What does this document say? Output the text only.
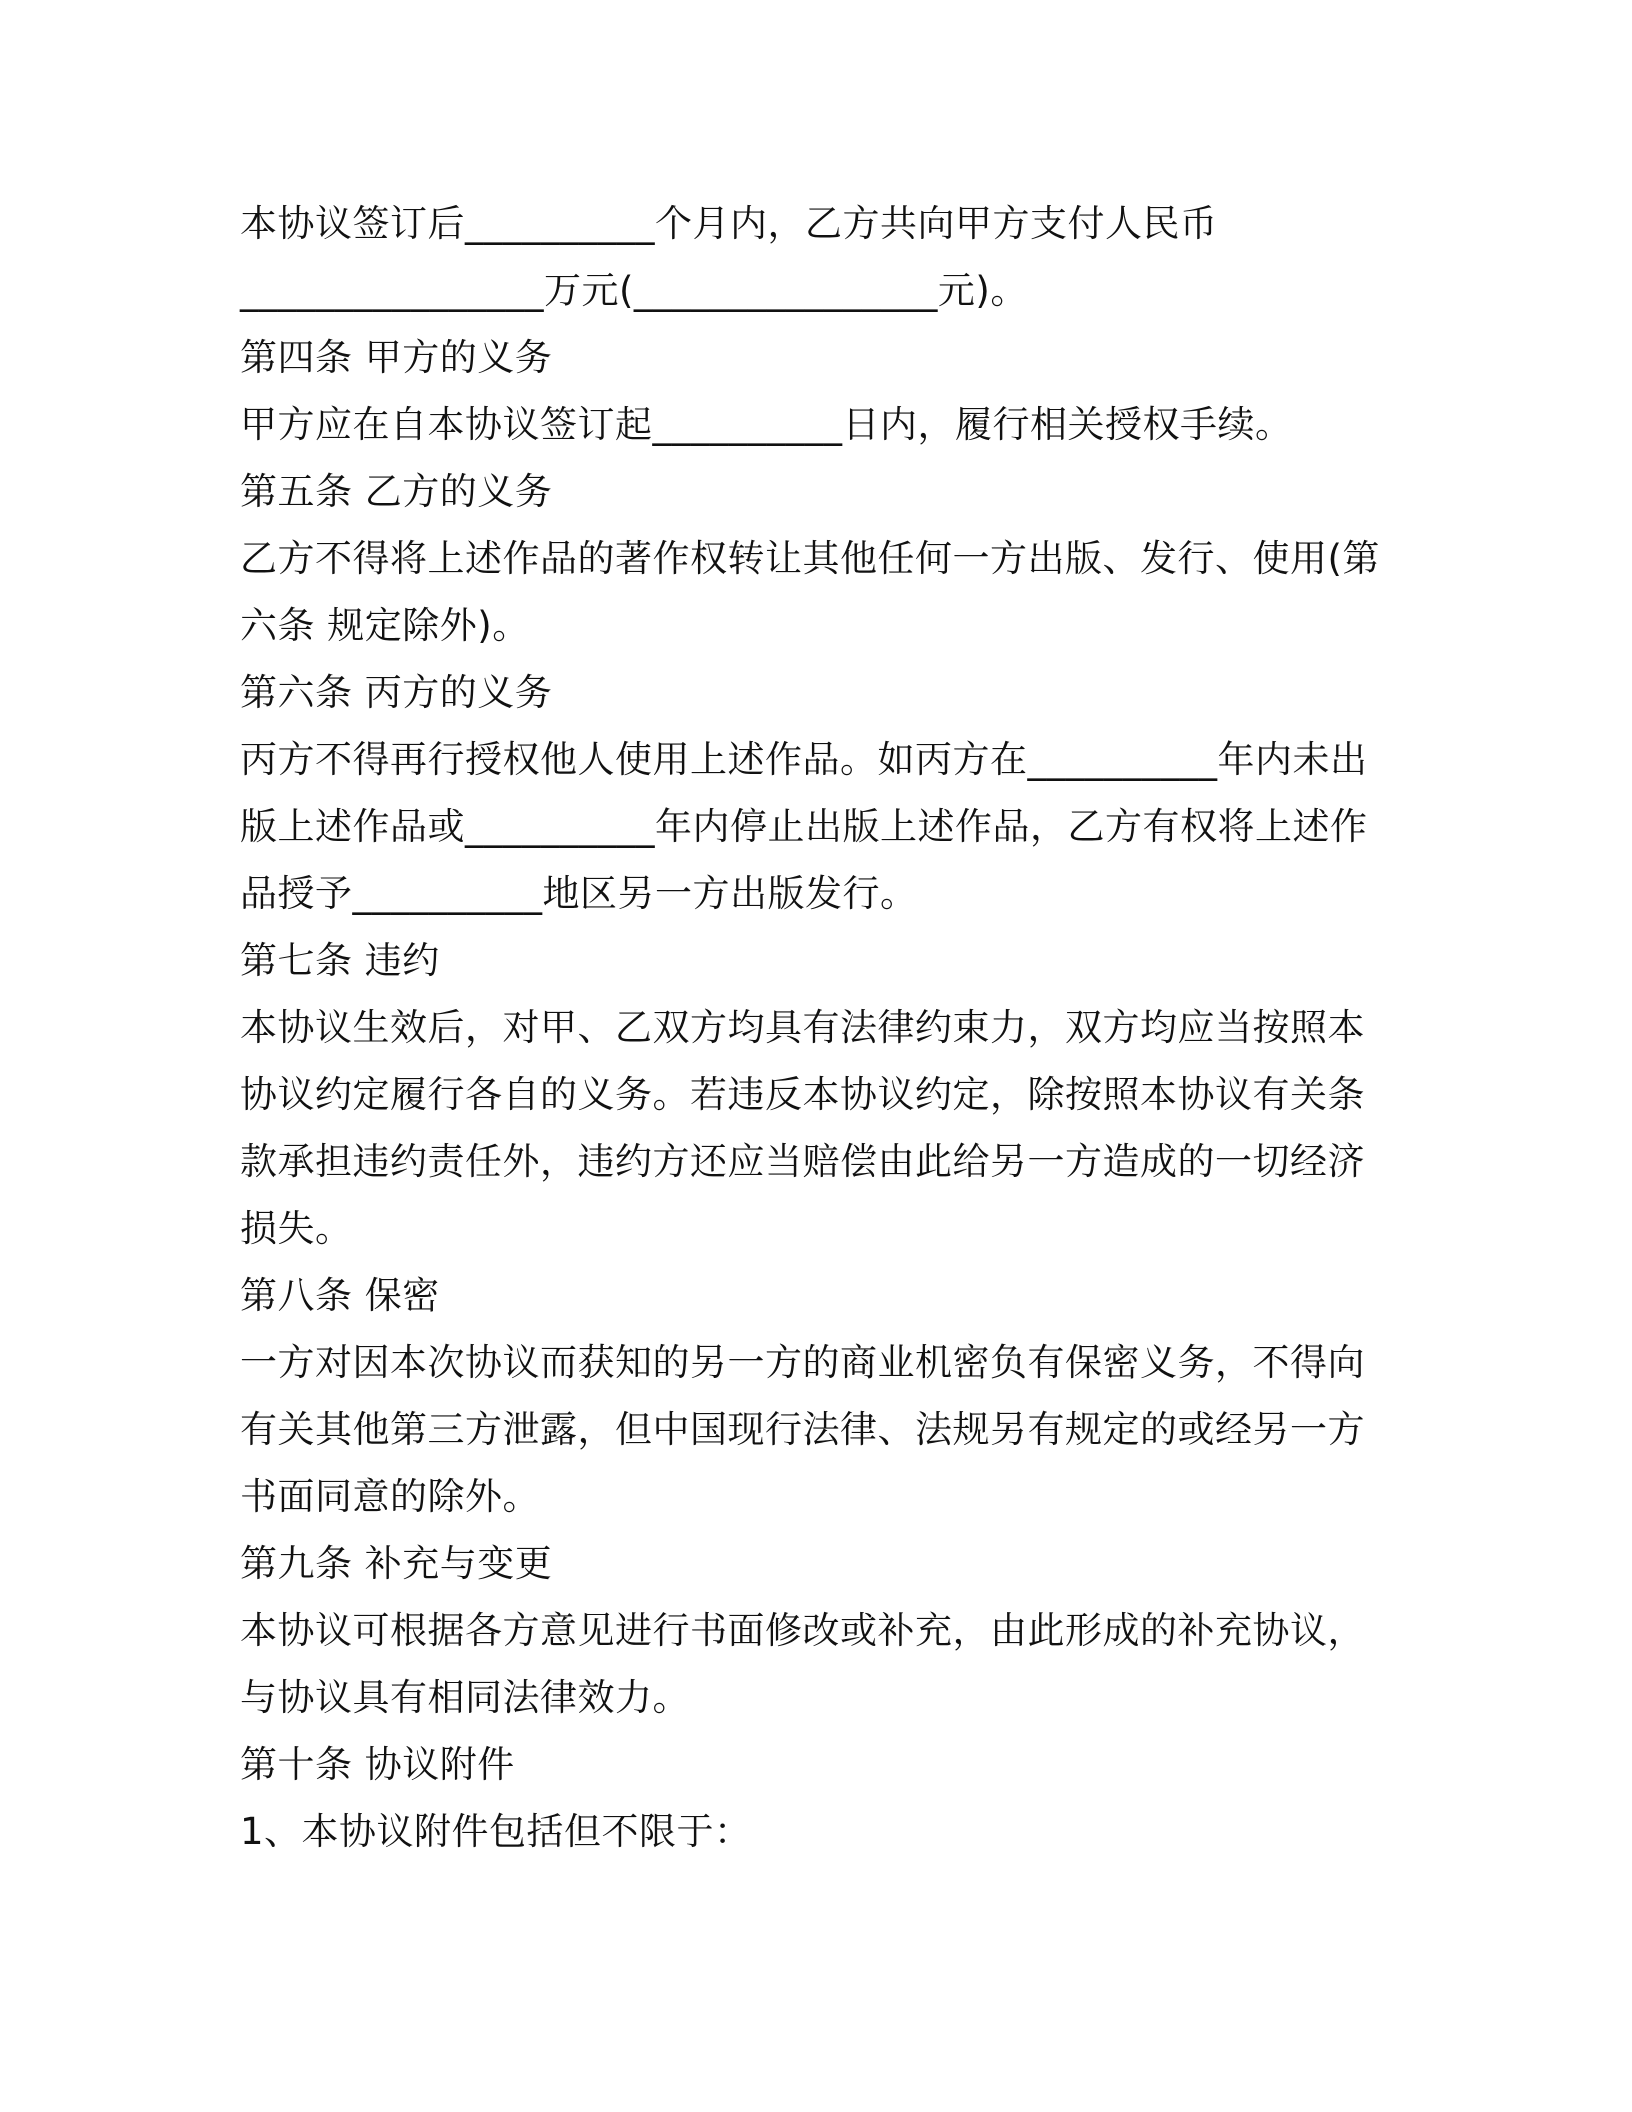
本协议签订后__________个月内，乙方共向甲方支付人民币
________________万元(________________元)。
第四条 甲方的义务
甲方应在自本协议签订起__________日内，履行相关授权手续。
第五条 乙方的义务
乙方不得将上述作品的著作权转让其他任何一方出版、发行、使用(第
六条 规定除外)。
第六条 丙方的义务
丙方不得再行授权他人使用上述作品。如丙方在__________年内未出
版上述作品或__________年内停止出版上述作品，乙方有权将上述作
品授予__________地区另一方出版发行。
第七条 违约
本协议生效后，对甲、乙双方均具有法律约束力，双方均应当按照本
协议约定履行各自的义务。若违反本协议约定，除按照本协议有关条
款承担违约责任外，违约方还应当赔偿由此给另一方造成的一切经济
损失。
第八条 保密
一方对因本次协议而获知的另一方的商业机密负有保密义务，不得向
有关其他第三方泄露，但中国现行法律、法规另有规定的或经另一方
书面同意的除外。
第九条 补充与变更
本协议可根据各方意见进行书面修改或补充，由此形成的补充协议，
与协议具有相同法律效力。
第十条 协议附件
1、本协议附件包括但不限于：
